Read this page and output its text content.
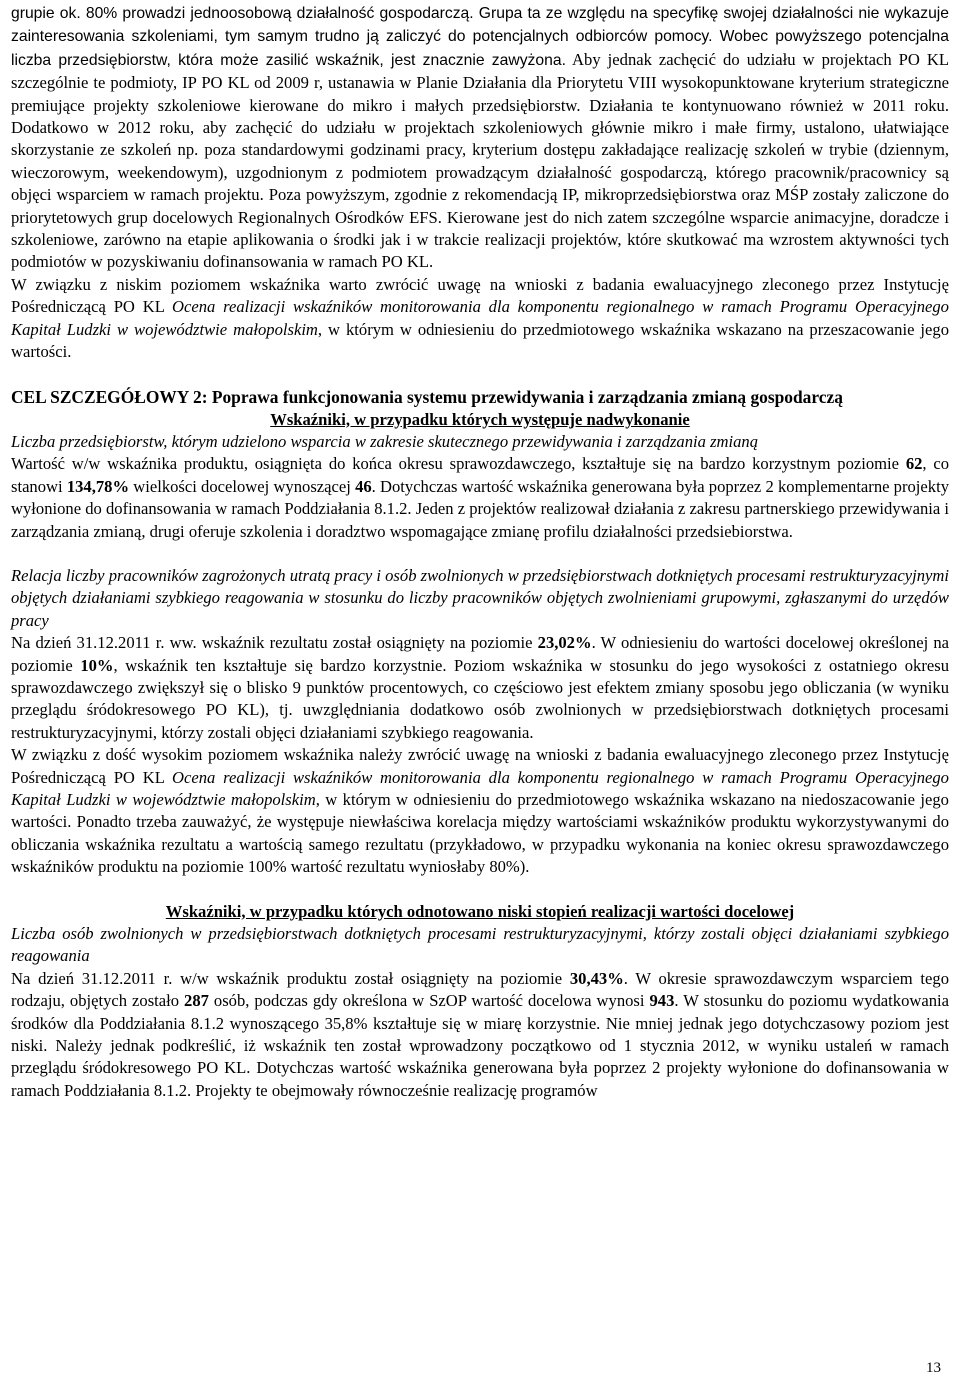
grupie ok. 80% prowadzi jednoosobową działalność gospodarczą. Grupa ta ze względu na specyfikę swojej działalności nie wykazuje zainteresowania szkoleniami, tym samym trudno ją zaliczyć do potencjalnych odbiorców pomocy. Wobec powyższego potencjalna liczba przedsiębiorstw, która może zasilić wskaźnik, jest znacznie zawyżona. Aby jednak zachęcić do udziału w projektach PO KL szczególnie te podmioty, IP PO KL od 2009 r, ustanawia w Planie Działania dla Priorytetu VIII wysokopunktowane kryterium strategiczne premiujące projekty szkoleniowe kierowane do mikro i małych przedsiębiorstw. Działania te kontynuowano również w 2011 roku. Dodatkowo w 2012 roku, aby zachęcić do udziału w projektach szkoleniowych głównie mikro i małe firmy, ustalono, ułatwiające skorzystanie ze szkoleń np. poza standardowymi godzinami pracy, kryterium dostępu zakładające realizację szkoleń w trybie (dziennym, wieczorowym, weekendowym), uzgodnionym z podmiotem prowadzącym działalność gospodarczą, którego pracownik/pracownicy są objęci wsparciem w ramach projektu. Poza powyższym, zgodnie z rekomendacją IP, mikroprzedsiębiorstwa oraz MŚP zostały zaliczone do priorytetowych grup docelowych Regionalnych Ośrodków EFS. Kierowane jest do nich zatem szczególne wsparcie animacyjne, doradcze i szkoleniowe, zarówno na etapie aplikowania o środki jak i w trakcie realizacji projektów, które skutkować ma wzrostem aktywności tych podmiotów w pozyskiwaniu dofinansowania w ramach PO KL.

W związku z niskim poziomem wskaźnika warto zwrócić uwagę na wnioski z badania ewaluacyjnego zleconego przez Instytucję Pośredniczącą PO KL Ocena realizacji wskaźników monitorowania dla komponentu regionalnego w ramach Programu Operacyjnego Kapitał Ludzki w województwie małopolskim, w którym w odniesieniu do przedmiotowego wskaźnika wskazano na przeszacowanie jego wartości.

CEL SZCZEGÓŁOWY 2: Poprawa funkcjonowania systemu przewidywania i zarządzania zmianą gospodarczą

Wskaźniki, w przypadku których występuje nadwykonanie

Liczba przedsiębiorstw, którym udzielono wsparcia w zakresie skutecznego przewidywania i zarządzania zmianą

Wartość w/w wskaźnika produktu, osiągnięta do końca okresu sprawozdawczego, kształtuje się na bardzo korzystnym poziomie 62, co stanowi 134,78% wielkości docelowej wynoszącej 46. Dotychczas wartość wskaźnika generowana była poprzez 2 komplementarne projekty wyłonione do dofinansowania w ramach Poddziałania 8.1.2. Jeden z projektów realizował działania z zakresu partnerskiego przewidywania i zarządzania zmianą, drugi oferuje szkolenia i doradztwo wspomagające zmianę profilu działalności przedsiebiorstwa.

Relacja liczby pracowników zagrożonych utratą pracy i osób zwolnionych w przedsiębiorstwach dotkniętych procesami restrukturyzacyjnymi objętych działaniami szybkiego reagowania w stosunku do liczby pracowników objętych zwolnieniami grupowymi, zgłaszanymi do urzędów pracy

Na dzień 31.12.2011 r. ww. wskaźnik rezultatu został osiągnięty na poziomie 23,02%. W odniesieniu do wartości docelowej określonej na poziomie 10%, wskaźnik ten kształtuje się bardzo korzystnie. Poziom wskaźnika w stosunku do jego wysokości z ostatniego okresu sprawozdawczego zwiększył się o blisko 9 punktów procentowych, co częściowo jest efektem zmiany sposobu jego obliczania (w wyniku przeglądu śródokresowego PO KL), tj. uwzględniania dodatkowo osób zwolnionych w przedsiębiorstwach dotkniętych procesami restrukturyzacyjnymi, którzy zostali objęci działaniami szybkiego reagowania.

W związku z dość wysokim poziomem wskaźnika należy zwrócić uwagę na wnioski z badania ewaluacyjnego zleconego przez Instytucję Pośredniczącą PO KL Ocena realizacji wskaźników monitorowania dla komponentu regionalnego w ramach Programu Operacyjnego Kapitał Ludzki w województwie małopolskim, w którym w odniesieniu do przedmiotowego wskaźnika wskazano na niedoszacowanie jego wartości. Ponadto trzeba zauważyć, że występuje niewłaściwa korelacja między wartościami wskaźników produktu wykorzystywanymi do obliczania wskaźnika rezultatu a wartością samego rezultatu (przykładowo, w przypadku wykonania na koniec okresu sprawozdawczego wskaźników produktu na poziomie 100% wartość rezultatu wyniosłaby 80%).

Wskaźniki, w przypadku których odnotowano niski stopień realizacji wartości docelowej

Liczba osób zwolnionych w przedsiębiorstwach dotkniętych procesami restrukturyzacyjnymi, którzy zostali objęci działaniami szybkiego reagowania

Na dzień 31.12.2011 r. w/w wskaźnik produktu został osiągnięty na poziomie 30,43%. W okresie sprawozdawczym wsparciem tego rodzaju, objętych zostało 287 osób, podczas gdy określona w SzOP wartość docelowa wynosi 943. W stosunku do poziomu wydatkowania środków dla Poddziałania 8.1.2 wynoszącego 35,8% kształtuje się w miarę korzystnie. Nie mniej jednak jego dotychczasowy poziom jest niski. Należy jednak podkreślić, iż wskaźnik ten został wprowadzony początkowo od 1 stycznia 2012, w wyniku ustaleń w ramach przeglądu śródokresowego PO KL. Dotychczas wartość wskaźnika generowana była poprzez 2 projekty wyłonione do dofinansowania w ramach Poddziałania 8.1.2. Projekty te obejmowały równocześnie realizację programów

13
